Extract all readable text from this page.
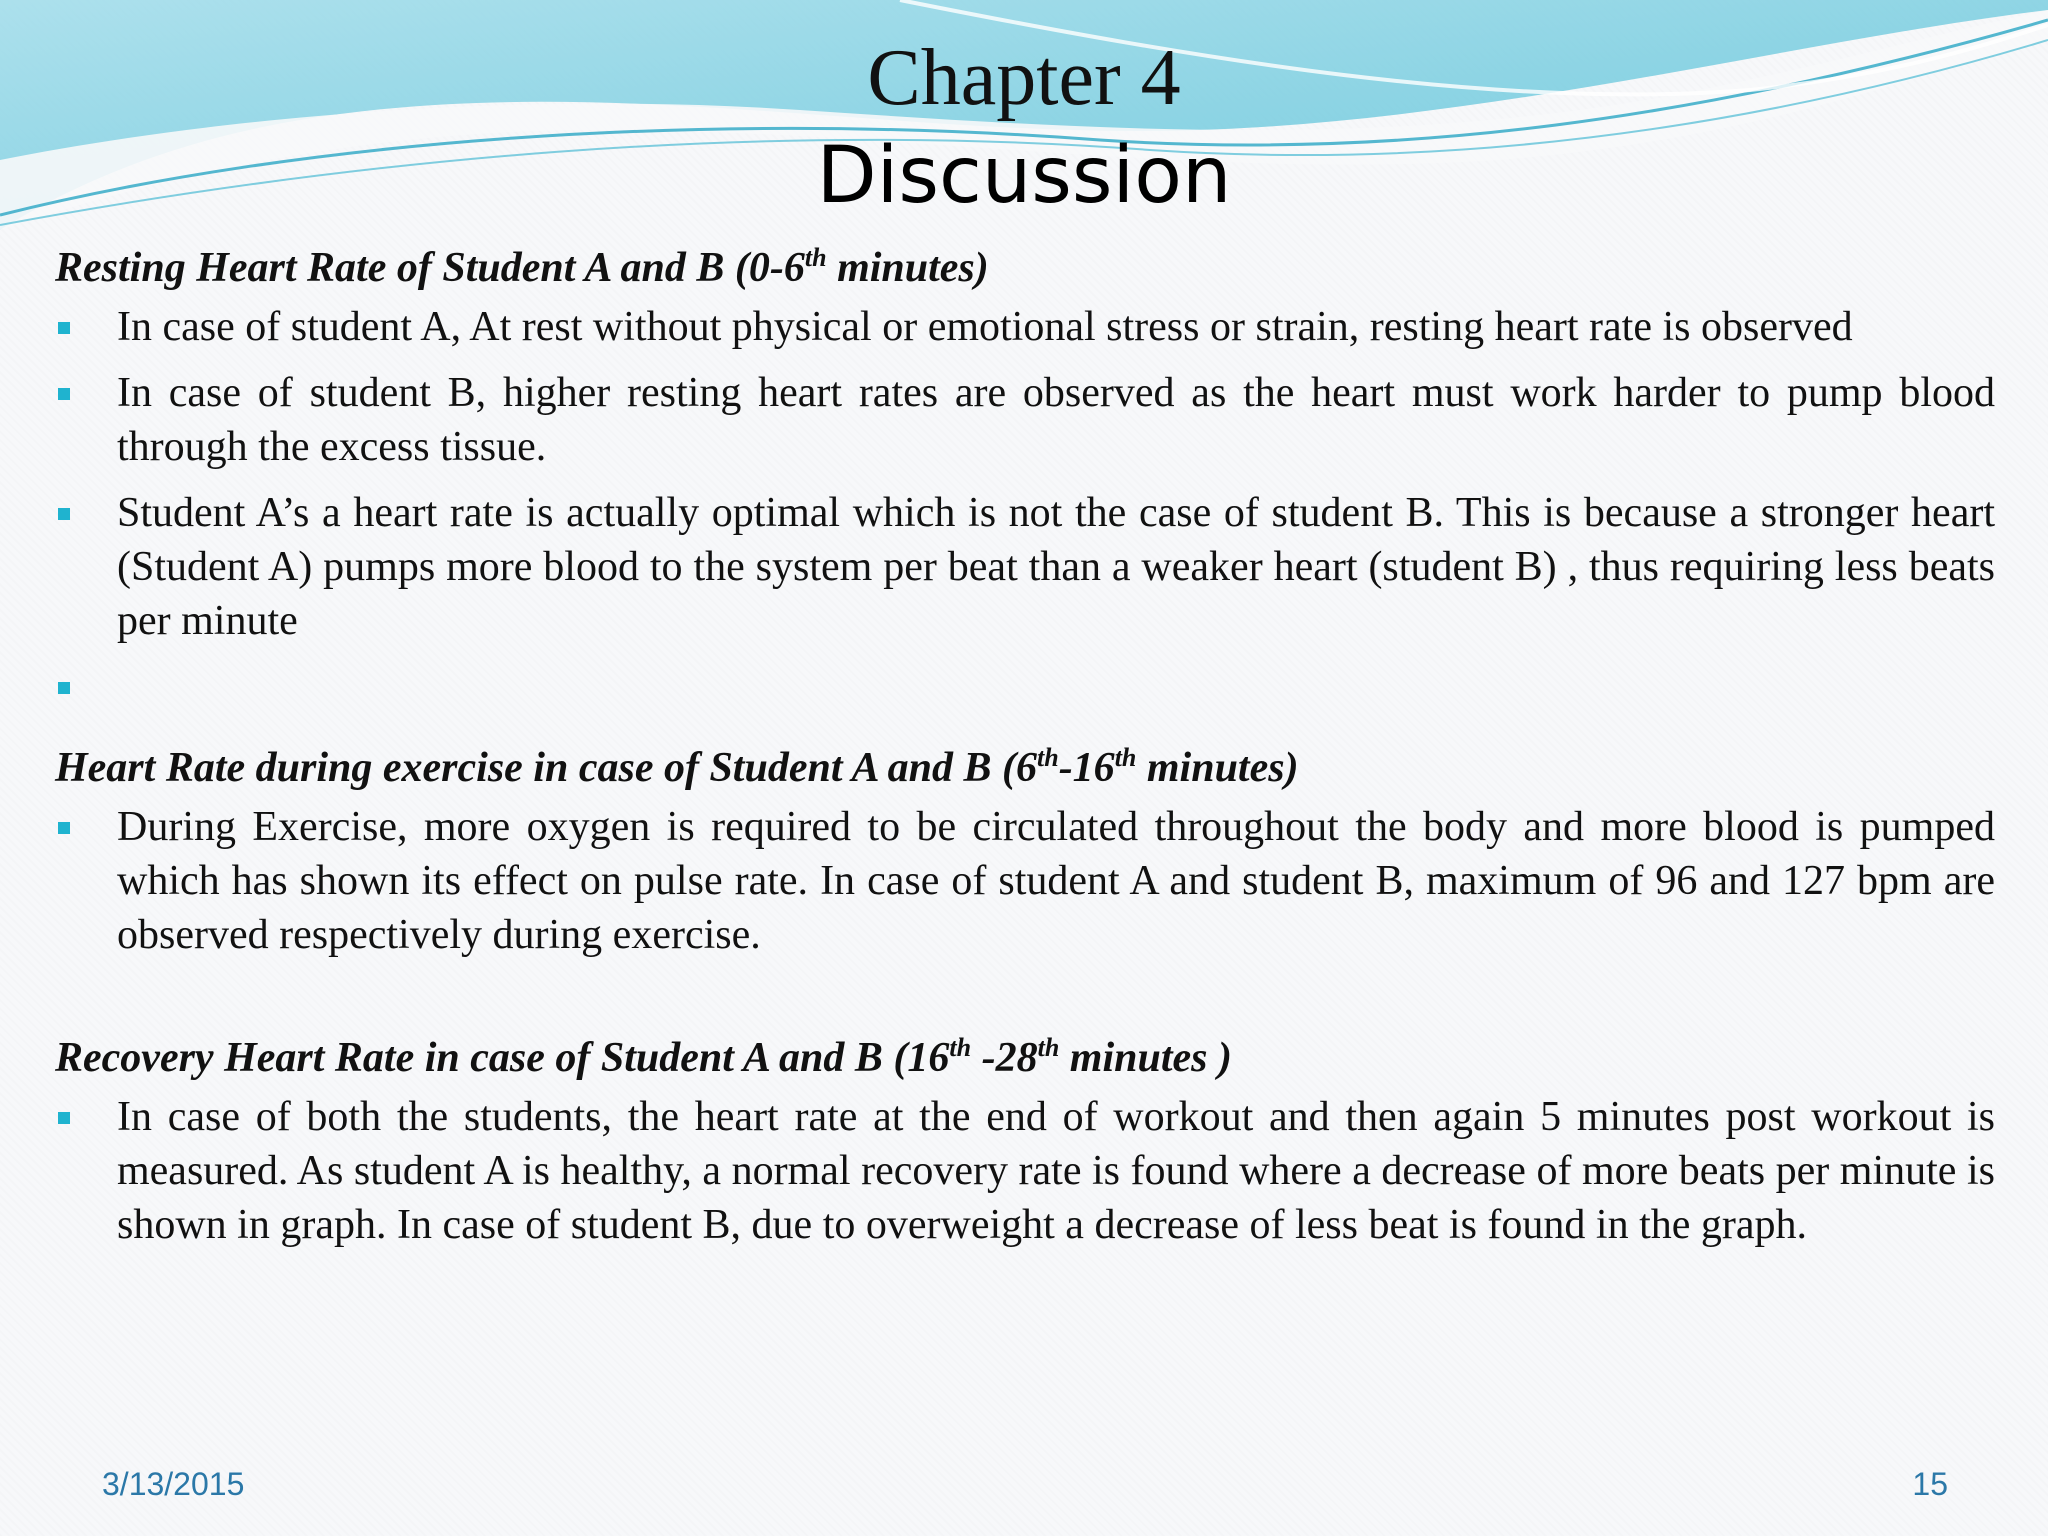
Chapter 4
Discussion
Resting Heart Rate of Student A and B (0-6th minutes)
In case of student A, At rest without physical or emotional stress or strain, resting heart rate is observed
In case of student B, higher resting heart rates are observed as the heart must work harder to pump blood through the excess tissue.
Student A’s a heart rate is actually optimal which is not the case of student B. This is because a stronger heart (Student A) pumps more blood to the system per beat than a weaker heart (student B) , thus requiring less beats per minute

Heart Rate during exercise in case of Student A and B (6th-16th minutes)
During Exercise, more oxygen is required to be circulated throughout the body and more blood is pumped which has shown its effect on pulse rate. In case of student A and student B, maximum of 96 and 127 bpm are observed respectively during exercise.
Recovery Heart Rate in case of Student A and B (16th -28th minutes )
In case of both the students, the heart rate at the end of workout and then again 5 minutes post workout is measured. As student A is healthy, a normal recovery rate is found where a decrease of more beats per minute is shown in graph. In case of student B, due to overweight a decrease of less beat is found in the graph.
3/13/2015	15
